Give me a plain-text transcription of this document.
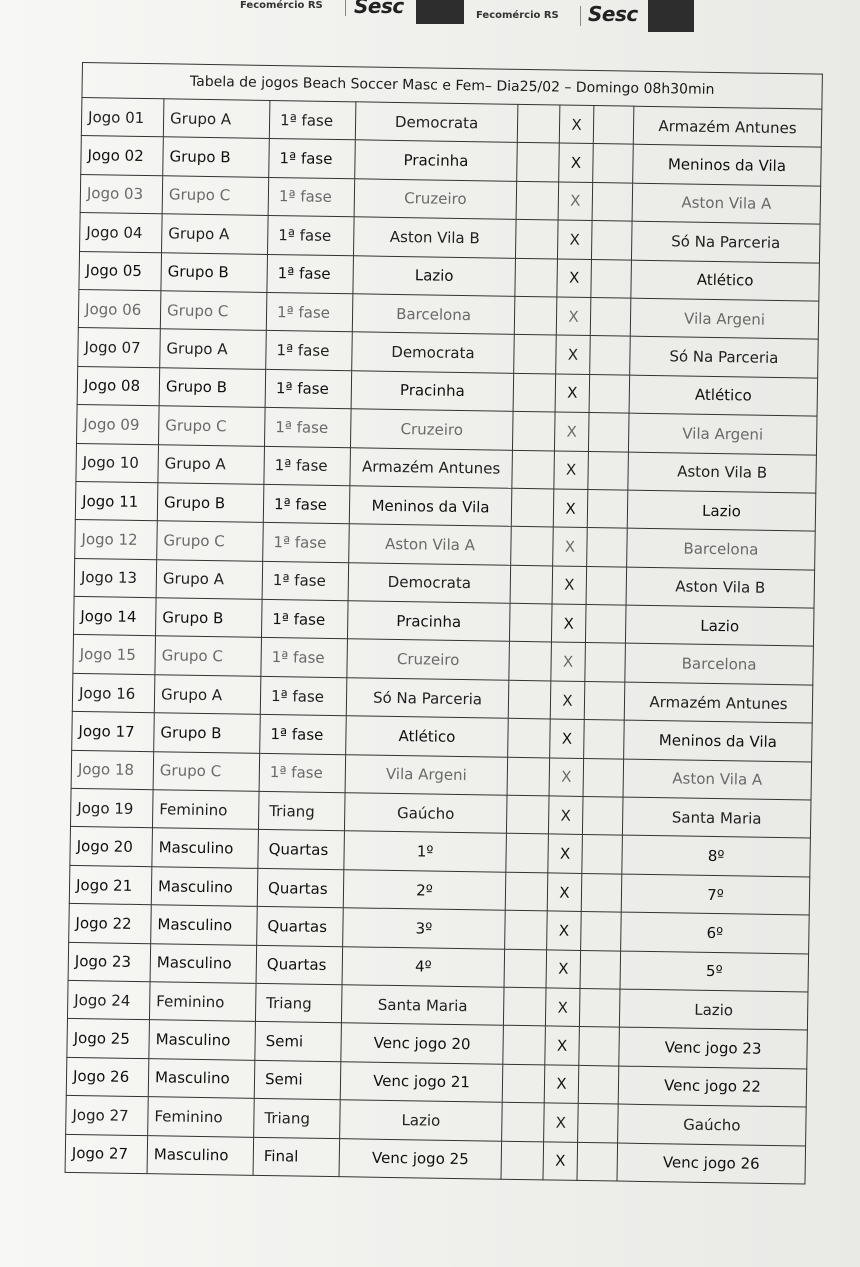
Fecomércio RS Sesc	Fecomércio RS Sesc
Tabela de jogos Beach Soccer Masc e Fem– Dia25/02 – Domingo 08h30min							
Jogo 01	Grupo A	1ª fase	Democrata		X		Armazém Antunes
Jogo 02	Grupo B	1ª fase	Pracinha		X		Meninos da Vila
Jogo 03	Grupo C	1ª fase	Cruzeiro		X		Aston Vila A
Jogo 04	Grupo A	1ª fase	Aston Vila B		X		Só Na Parceria
Jogo 05	Grupo B	1ª fase	Lazio		X		Atlético
Jogo 06	Grupo C	1ª fase	Barcelona		X		Vila Argeni
Jogo 07	Grupo A	1ª fase	Democrata		X		Só Na Parceria
Jogo 08	Grupo B	1ª fase	Pracinha		X		Atlético
Jogo 09	Grupo C	1ª fase	Cruzeiro		X		Vila Argeni
Jogo 10	Grupo A	1ª fase	Armazém Antunes		X		Aston Vila B
Jogo 11	Grupo B	1ª fase	Meninos da Vila		X		Lazio
Jogo 12	Grupo C	1ª fase	Aston Vila A		X		Barcelona
Jogo 13	Grupo A	1ª fase	Democrata		X		Aston Vila B
Jogo 14	Grupo B	1ª fase	Pracinha		X		Lazio
Jogo 15	Grupo C	1ª fase	Cruzeiro		X		Barcelona
Jogo 16	Grupo A	1ª fase	Só Na Parceria		X		Armazém Antunes
Jogo 17	Grupo B	1ª fase	Atlético		X		Meninos da Vila
Jogo 18	Grupo C	1ª fase	Vila Argeni		X		Aston Vila A
Jogo 19	Feminino	Triang	Gaúcho		X		Santa Maria
Jogo 20	Masculino	Quartas	1º		X		8º
Jogo 21	Masculino	Quartas	2º		X		7º
Jogo 22	Masculino	Quartas	3º		X		6º
Jogo 23	Masculino	Quartas	4º		X		5º
Jogo 24	Feminino	Triang	Santa Maria		X		Lazio
Jogo 25	Masculino	Semi	Venc jogo 20		X		Venc jogo 23
Jogo 26	Masculino	Semi	Venc jogo 21		X		Venc jogo 22
Jogo 27	Feminino	Triang	Lazio		X		Gaúcho
Jogo 27	Masculino	Final	Venc jogo 25		X		Venc jogo 26
